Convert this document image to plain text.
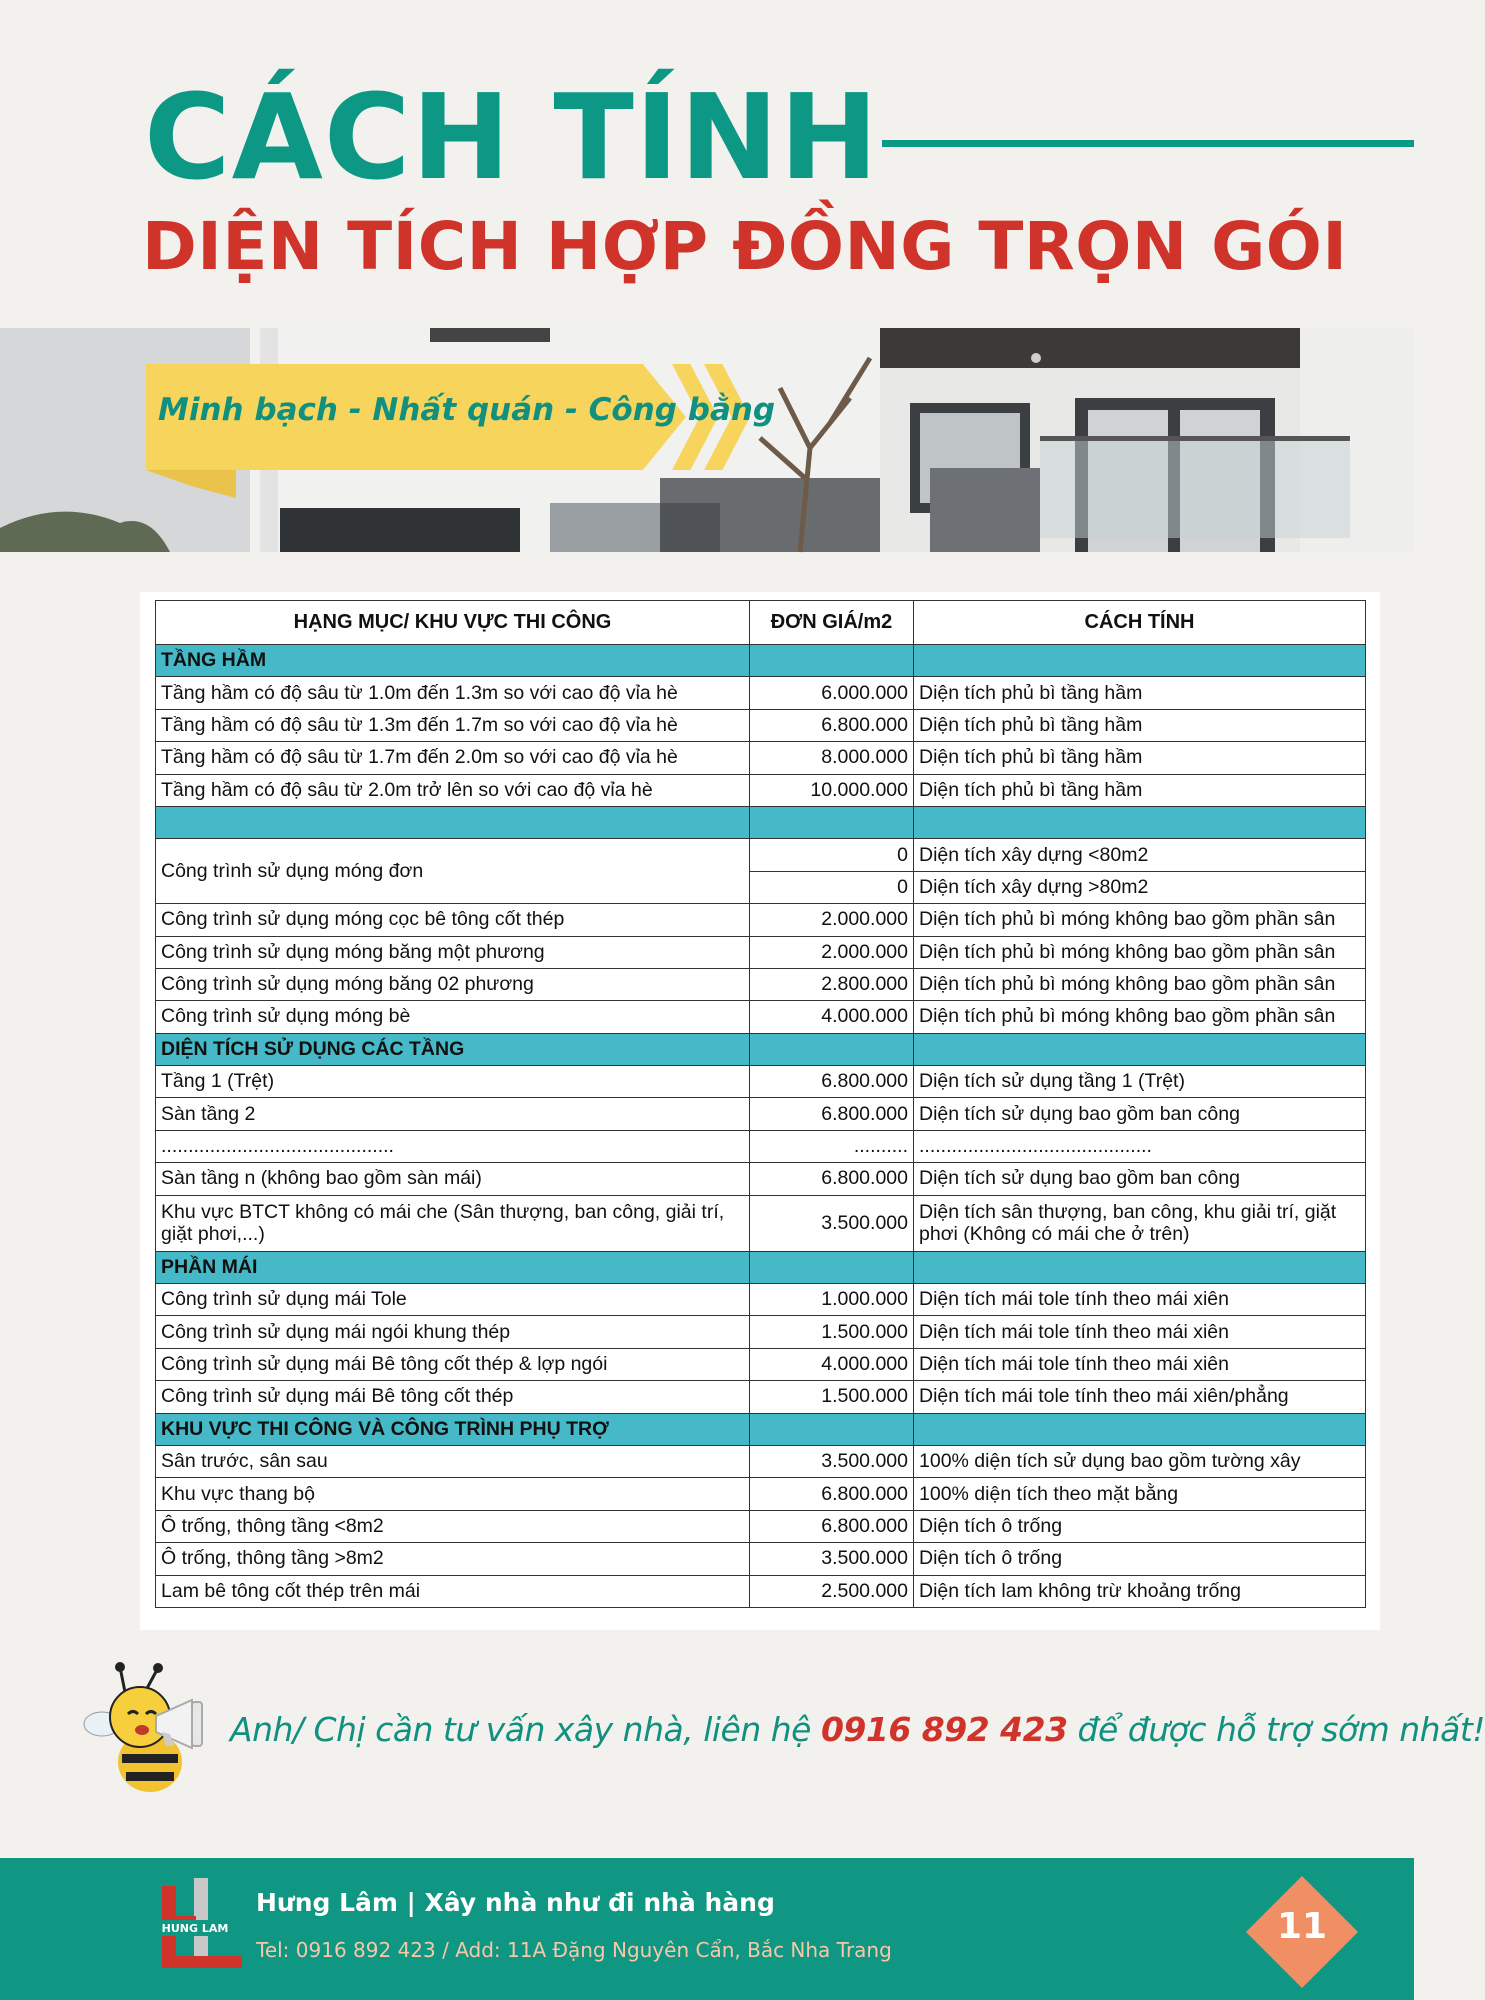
CÁCH TÍNH
DIỆN TÍCH HỢP ĐỒNG TRỌN GÓI
Minh bạch - Nhất quán - Công bằng
HẠNG MỤC/ KHU VỰC THI CÔNG	ĐƠN GIÁ/m2	CÁCH TÍNH
TẦNG HẦM		
Tầng hầm có độ sâu từ 1.0m đến 1.3m so với cao độ vỉa hè	6.000.000	Diện tích phủ bì tầng hầm
Tầng hầm có độ sâu từ 1.3m đến 1.7m so với cao độ vỉa hè	6.800.000	Diện tích phủ bì tầng hầm
Tầng hầm có độ sâu từ 1.7m đến 2.0m so với cao độ vỉa hè	8.000.000	Diện tích phủ bì tầng hầm
Tầng hầm có độ sâu từ 2.0m trở lên so với cao độ vỉa hè	10.000.000	Diện tích phủ bì tầng hầm

Công trình sử dụng móng đơn	0	Diện tích xây dựng <80m2
	0	Diện tích xây dựng >80m2
Công trình sử dụng móng cọc bê tông cốt thép	2.000.000	Diện tích phủ bì móng không bao gồm phần sân
Công trình sử dụng móng băng một phương	2.000.000	Diện tích phủ bì móng không bao gồm phần sân
Công trình sử dụng móng băng 02 phương	2.800.000	Diện tích phủ bì móng không bao gồm phần sân
Công trình sử dụng móng bè	4.000.000	Diện tích phủ bì móng không bao gồm phần sân
DIỆN TÍCH SỬ DỤNG CÁC TẦNG		
Tầng 1 (Trệt)	6.800.000	Diện tích sử dụng tầng 1 (Trệt)
Sàn tầng 2	6.800.000	Diện tích sử dụng bao gồm ban công
...........................................	..........	...........................................
Sàn tầng n (không bao gồm sàn mái)	6.800.000	Diện tích sử dụng bao gồm ban công
Khu vực BTCT không có mái che (Sân thượng, ban công, giải trí, giặt phơi,...)	3.500.000	Diện tích sân thượng, ban công, khu giải trí, giặt phơi (Không có mái che ở trên)
PHẦN MÁI		
Công trình sử dụng mái Tole	1.000.000	Diện tích mái tole tính theo mái xiên
Công trình sử dụng mái ngói khung thép	1.500.000	Diện tích mái tole tính theo mái xiên
Công trình sử dụng mái Bê tông cốt thép & lợp ngói	4.000.000	Diện tích mái tole tính theo mái xiên
Công trình sử dụng mái Bê tông cốt thép	1.500.000	Diện tích mái tole tính theo mái xiên/phẳng
KHU VỰC THI CÔNG VÀ CÔNG TRÌNH PHỤ TRỢ		
Sân trước, sân sau	3.500.000	100% diện tích sử dụng bao gồm tường xây
Khu vực thang bộ	6.800.000	100% diện tích theo mặt bằng
Ô trống, thông tầng <8m2	6.800.000	Diện tích ô trống
Ô trống, thông tầng >8m2	3.500.000	Diện tích ô trống
Lam bê tông cốt thép trên mái	2.500.000	Diện tích lam không trừ khoảng trống
Anh/ Chị cần tư vấn xây nhà, liên hệ 0916 892 423 để được hỗ trợ sớm nhất!
HUNG LAM
Hưng Lâm | Xây nhà như đi nhà hàng
Tel: 0916 892 423 / Add: 11A Đặng Nguyên Cẩn, Bắc Nha Trang
11
